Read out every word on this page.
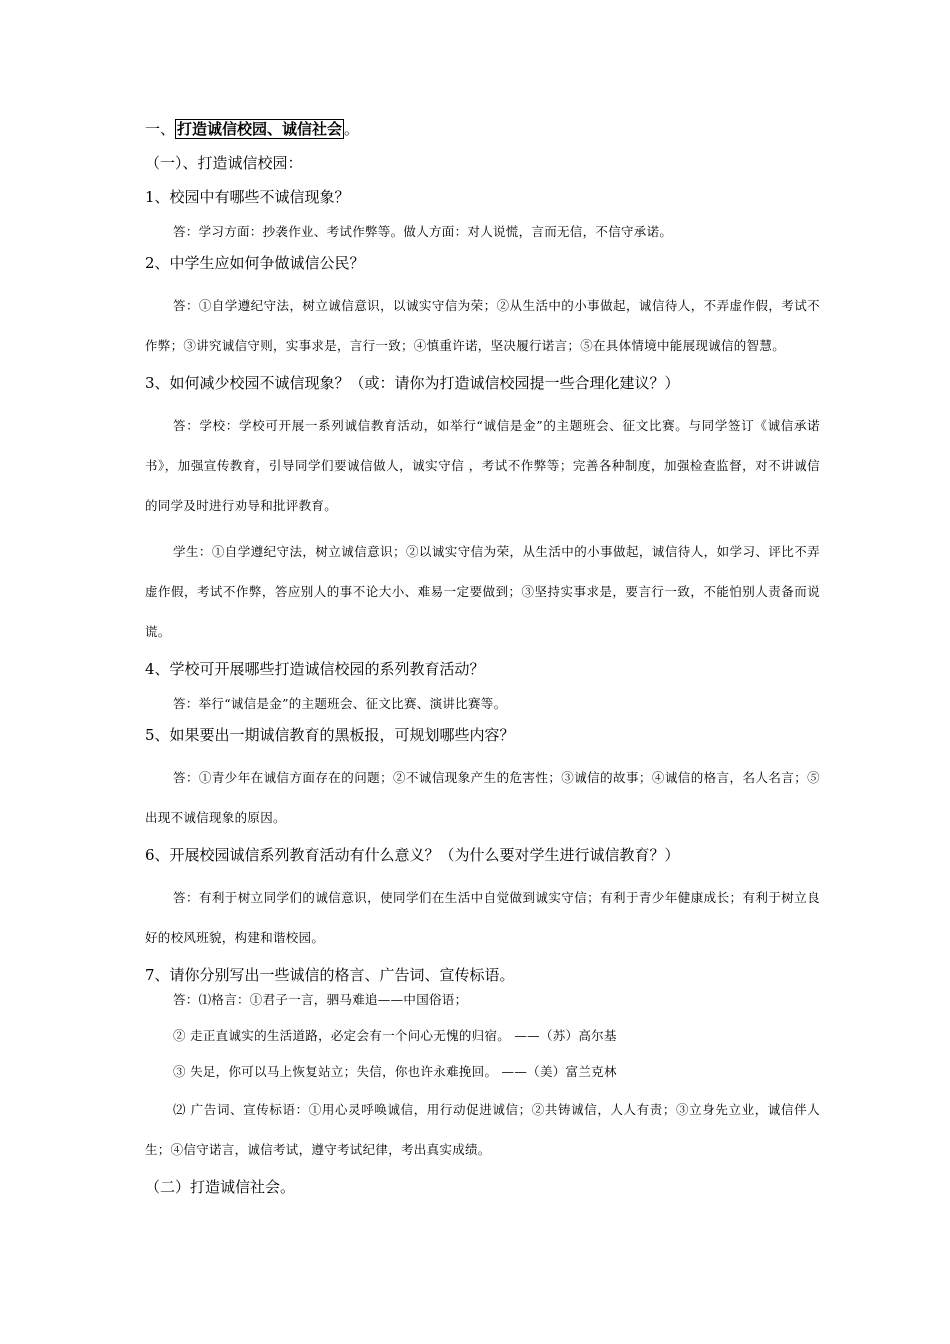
一、 打造诚信校园、诚信社会 。
（一）、打造诚信校园：
1、校园中有哪些不诚信现象？
答：学习方面：抄袭作业、考试作弊等。做人方面：对人说慌，言而无信，不信守承诺。
2、中学生应如何争做诚信公民？
答：①自学遵纪守法，树立诚信意识，以诚实守信为荣；②从生活中的小事做起，诚信待人，不弄虚作假，考试不作弊；③讲究诚信守则，实事求是，言行一致；④慎重许诺，坚决履行诺言；⑤在具体情境中能展现诚信的智慧。
3、如何减少校园不诚信现象？（或：请你为打造诚信校园提一些合理化建议？）
答：学校：学校可开展一系列诚信教育活动，如举行“诚信是金”的主题班会、征文比赛。与同学签订《诚信承诺书》，加强宣传教育，引导同学们要诚信做人，诚实守信 ，考试不作弊等；完善各种制度，加强检查监督，对不讲诚信的同学及时进行劝导和批评教育。
学生：①自学遵纪守法，树立诚信意识；②以诚实守信为荣，从生活中的小事做起，诚信待人，如学习、评比不弄虚作假，考试不作弊，答应别人的事不论大小、难易一定要做到；③坚持实事求是，要言行一致，不能怕别人责备而说谎。
4、学校可开展哪些打造诚信校园的系列教育活动？
答：举行“诚信是金”的主题班会、征文比赛、演讲比赛等。
5、如果要出一期诚信教育的黑板报，可规划哪些内容？
答：①青少年在诚信方面存在的问题；②不诚信现象产生的危害性；③诚信的故事；④诚信的格言，名人名言；⑤出现不诚信现象的原因。
6、开展校园诚信系列教育活动有什么意义？（为什么要对学生进行诚信教育？）
答：有利于树立同学们的诚信意识，使同学们在生活中自觉做到诚实守信；有利于青少年健康成长；有利于树立良好的校风班貌，构建和谐校园。
7、请你分别写出一些诚信的格言、广告词、宣传标语。
答：⑴格言：①君子一言，驷马难追——中国俗语；
② 走正直诚实的生活道路，必定会有一个问心无愧的归宿。 ——（苏）高尔基
③ 失足，你可以马上恢复站立；失信，你也许永难挽回。 ——（美）富兰克林
⑵ 广告词、宣传标语：①用心灵呼唤诚信，用行动促进诚信；②共铸诚信，人人有责；③立身先立业，诚信伴人生；④信守诺言，诚信考试，遵守考试纪律，考出真实成绩。
（二）打造诚信社会。
